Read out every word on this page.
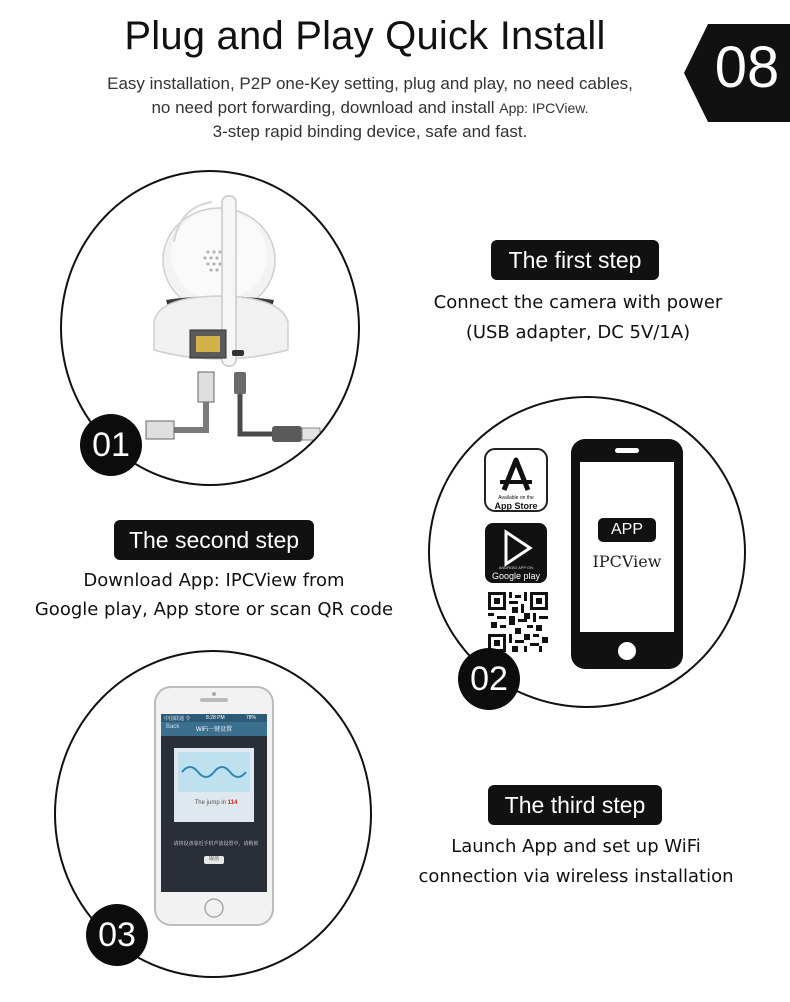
Plug and Play Quick Install	08
Easy installation, P2P one-Key setting, plug and play, no need cables,
no need port forwarding, download and install App: IPCView.
3-step rapid binding device, safe and fast.
01
The first step
Connect the camera with power
(USB adapter, DC 5V/1A)
The second step
Download App: IPCView from
Google play, App store or scan QR code
Available on the
App Store
ANDROID APP ON
Google play
APP
IPCView
02
中国联通 令	8:28 PM	78%
Back	WiFi一键设置
The jump in 114
请将设备靠近手机声波设置中，请稍候
取消
03
The third step
Launch App and set up WiFi
connection via wireless installation
